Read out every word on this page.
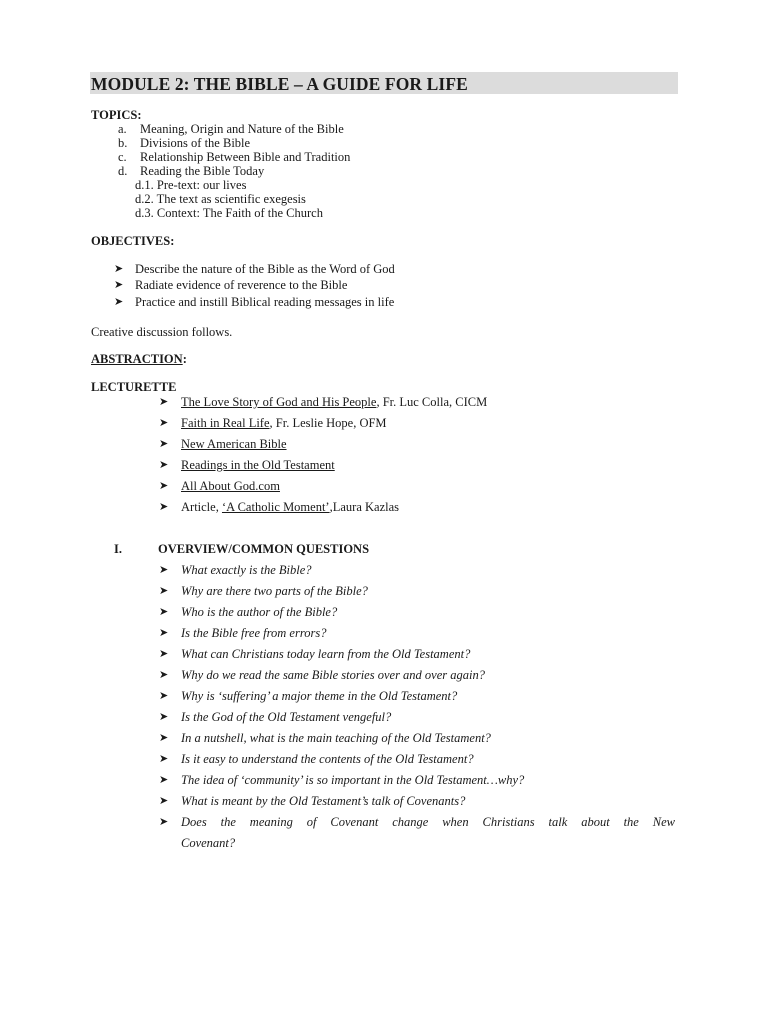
MODULE 2: THE BIBLE – A GUIDE FOR LIFE
TOPICS:
a. Meaning, Origin and Nature of the Bible
b. Divisions of the Bible
c. Relationship Between Bible and Tradition
d. Reading the Bible Today
d.1. Pre-text: our lives
d.2. The text as scientific exegesis
d.3. Context: The Faith of the Church
OBJECTIVES:
➤ Describe the nature of the Bible as the Word of God
➤ Radiate evidence of reverence to the Bible
➤ Practice and instill Biblical reading messages in life
Creative discussion follows.
ABSTRACTION:
LECTURETTE
➤ The Love Story of God and His People, Fr. Luc Colla, CICM
➤ Faith in Real Life, Fr. Leslie Hope, OFM
➤ New American Bible
➤ Readings in the Old Testament
➤ All About God.com
➤ Article, ‘A Catholic Moment’,Laura Kazlas
I.	OVERVIEW/COMMON QUESTIONS
➤ What exactly is the Bible?
➤ Why are there two parts of the Bible?
➤ Who is the author of the Bible?
➤ Is the Bible free from errors?
➤ What can Christians today learn from the Old Testament?
➤ Why do we read the same Bible stories over and over again?
➤ Why is ‘suffering’ a major theme in the Old Testament?
➤ Is the God of the Old Testament vengeful?
➤ In a nutshell, what is the main teaching of the Old Testament?
➤ Is it easy to understand the contents of the Old Testament?
➤ The idea of ‘community’ is so important in the Old Testament…why?
➤ What is meant by the Old Testament’s talk of Covenants?
➤ Does the meaning of Covenant change when Christians talk about the New
Covenant?
